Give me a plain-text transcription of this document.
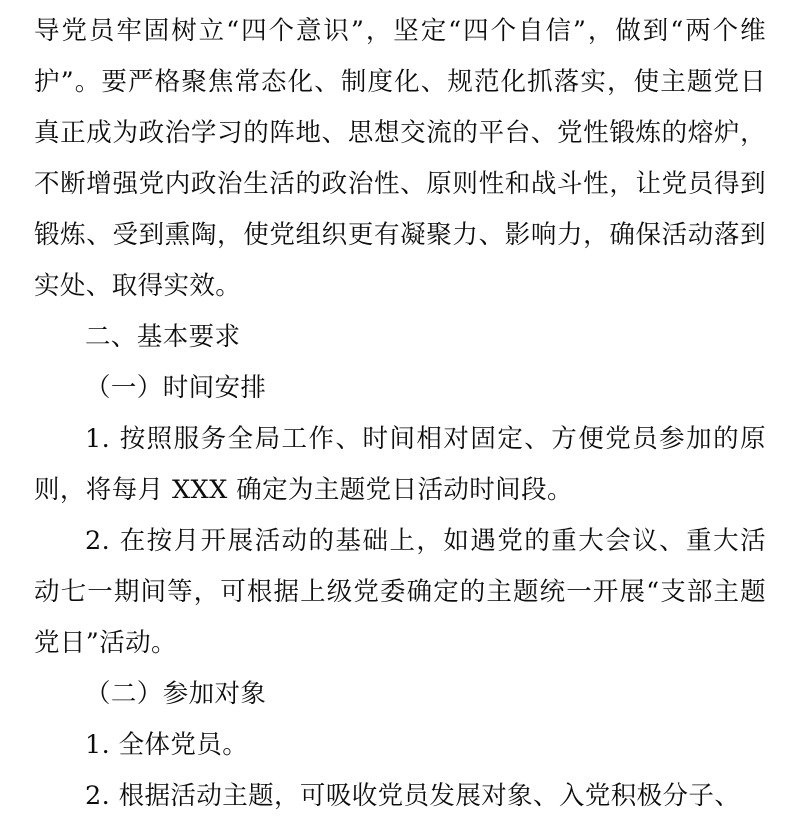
导党员牢固树立“四个意识”，坚定“四个自信”，做到“两个维护”。要严格聚焦常态化、制度化、规范化抓落实，使主题党日真正成为政治学习的阵地、思想交流的平台、党性锻炼的熔炉，不断增强党内政治生活的政治性、原则性和战斗性，让党员得到锻炼、受到熏陶，使党组织更有凝聚力、影响力，确保活动落到实处、取得实效。

二、基本要求

（一）时间安排

1. 按照服务全局工作、时间相对固定、方便党员参加的原则，将每月 XXX 确定为主题党日活动时间段。

2. 在按月开展活动的基础上，如遇党的重大会议、重大活动七一期间等，可根据上级党委确定的主题统一开展“支部主题党日”活动。

（二）参加对象

1. 全体党员。

2. 根据活动主题，可吸收党员发展对象、入党积极分子、
